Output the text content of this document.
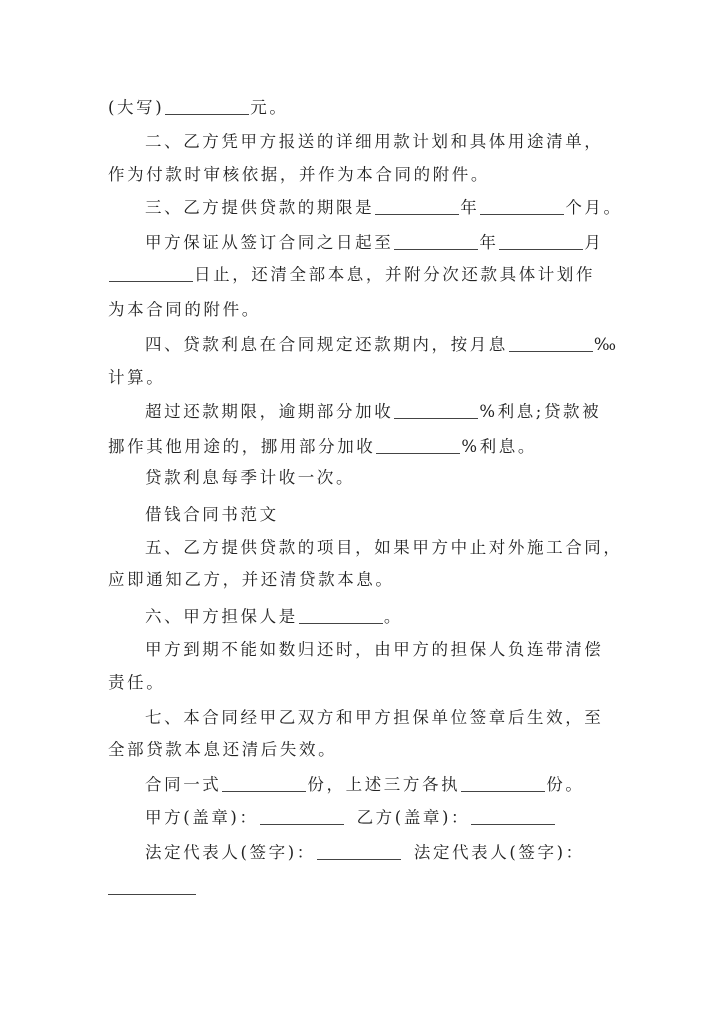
(大写)	元。
二、乙方凭甲方报送的详细用款计划和具体用途清单，
作为付款时审核依据，并作为本合同的附件。
三、乙方提供贷款的期限是	年	个月。
甲方保证从签订合同之日起至	年	月
日止，还清全部本息，并附分次还款具体计划作
为本合同的附件。
四、贷款利息在合同规定还款期内，按月息	‰
计算。
超过还款期限，逾期部分加收	%利息;贷款被
挪作其他用途的，挪用部分加收	%利息。
贷款利息每季计收一次。
借钱合同书范文
五、乙方提供贷款的项目，如果甲方中止对外施工合同，
应即通知乙方，并还清贷款本息。
六、甲方担保人是	。
甲方到期不能如数归还时，由甲方的担保人负连带清偿
责任。
七、本合同经甲乙双方和甲方担保单位签章后生效，至
全部贷款本息还清后失效。
合同一式	份，上述三方各执	份。
甲方(盖章)：	乙方(盖章)：
法定代表人(签字)：	法定代表人(签字)：
